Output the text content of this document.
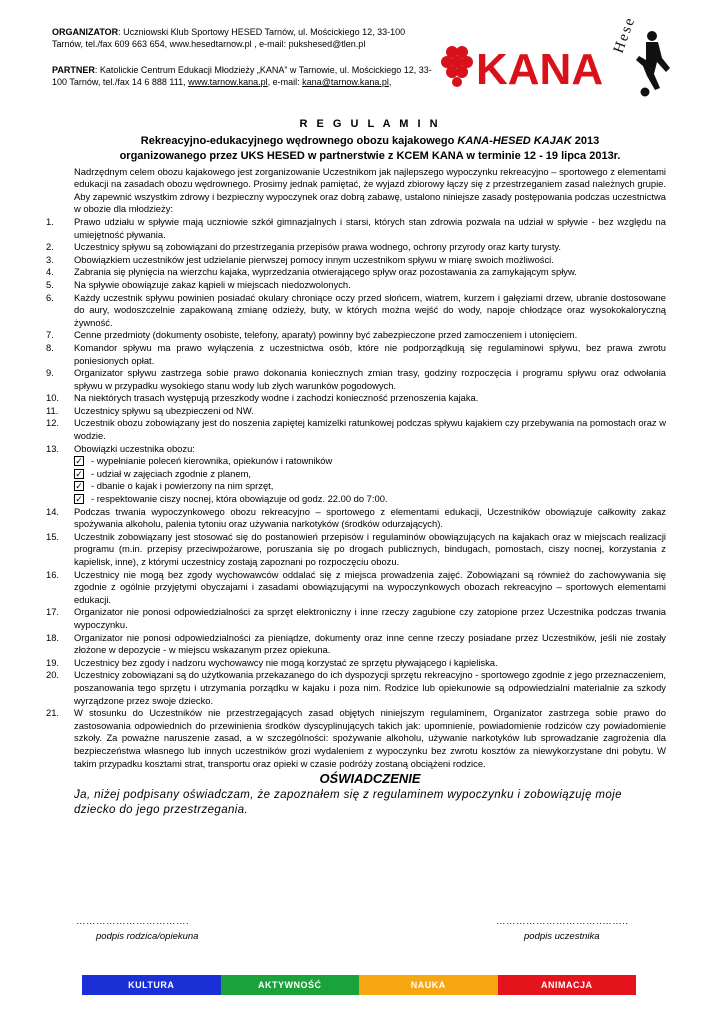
ORGANIZATOR: Uczniowski Klub Sportowy HESED Tarnów, ul. Mościckiego 12, 33-100 Tarnów, tel./fax 609 663 654, www.hesedtarnow.pl , e-mail: pukshesed@tlen.pl

PARTNER: Katolickie Centrum Edukacji Młodzieży „KANA” w Tarnowie, ul. Mościckiego 12, 33-100 Tarnów, tel./fax 14 6 888 111, www.tarnow.kana.pl, e-mail: kana@tarnow.kana.pl,	KANA
Hesed
R E G U L A M I N
Rekreacyjno-edukacyjnego wędrownego obozu kajakowego KANA-HESED KAJAK 2013
organizowanego przez UKS HESED w partnerstwie z KCEM KANA w terminie 12 - 19 lipca 2013r.

Nadrzędnym celem obozu kajakowego jest zorganizowanie Uczestnikom jak najlepszego wypoczynku rekreacyjno – sportowego z elementami edukacji na zasadach obozu wędrownego. Prosimy jednak pamiętać, że wyjazd zbiorowy łączy się z przestrzeganiem zasad należnych grupie. Aby zapewnić wszystkim zdrowy i bezpieczny wypoczynek oraz dobrą zabawę, ustalono niniejsze zasady postępowania podczas uczestnictwa w obozie dla młodzieży:

1.	Prawo udziału w spływie mają uczniowie szkół gimnazjalnych i starsi, których stan zdrowia pozwala na udział w spływie - bez względu na umiejętność pływania.
2.	Uczestnicy spływu są zobowiązani do przestrzegania przepisów prawa wodnego, ochrony przyrody oraz karty turysty.
3.	Obowiązkiem uczestników jest udzielanie pierwszej pomocy innym uczestnikom spływu w miarę swoich możliwości.
4.	Zabrania się płynięcia na wierzchu kajaka, wyprzedzania otwierającego spływ oraz pozostawania za zamykającym spływ.
5.	Na spływie obowiązuje zakaz kąpieli w miejscach niedozwolonych.
6.	Każdy uczestnik spływu powinien posiadać okulary chroniące oczy przed słońcem, wiatrem, kurzem i gałęziami drzew, ubranie dostosowane do aury, wodoszczelnie zapakowaną zmianę odzieży, buty, w których można wejść do wody, napoje chłodzące oraz wysokokaloryczną żywność.
7.	Cenne przedmioty (dokumenty osobiste, telefony, aparaty) powinny być zabezpieczone przed zamoczeniem i utonięciem.
8.	Komandor spływu ma prawo wyłączenia z uczestnictwa osób, które nie podporządkują się regulaminowi spływu, bez prawa zwrotu poniesionych opłat.
9.	Organizator spływu zastrzega sobie prawo dokonania koniecznych zmian trasy, godziny rozpoczęcia i programu spływu oraz odwołania spływu w przypadku wysokiego stanu wody lub złych warunków pogodowych.
10.	Na niektórych trasach występują przeszkody wodne i zachodzi konieczność przenoszenia kajaka.
11.	Uczestnicy spływu są ubezpieczeni od NW.
12.	Uczestnik obozu zobowiązany jest do noszenia zapiętej kamizelki ratunkowej podczas spływu kajakiem czy przebywania na pomostach oraz w wodzie.
13.	Obowiązki uczestnika obozu:
✓ - wypełnianie poleceń kierownika, opiekunów i ratowników
✓ - udział w zajęciach zgodnie z planem,
✓ - dbanie o kajak i powierzony na nim sprzęt,
✓ - respektowanie ciszy nocnej, która obowiązuje od godz. 22.00 do 7:00.
14.	Podczas trwania wypoczynkowego obozu rekreacyjno – sportowego z elementami edukacji, Uczestników obowiązuje całkowity zakaz spożywania alkoholu, palenia tytoniu oraz używania narkotyków (środków odurzających).
15.	Uczestnik zobowiązany jest stosować się do postanowień przepisów i regulaminów obowiązujących na kajakach oraz w miejscach realizacji programu (m.in. przepisy przeciwpożarowe, poruszania się po drogach publicznych, bindugach, pomostach, ciszy nocnej, korzystania z kapielisk, inne), z którymi uczestnicy zostają zapoznani po rozpoczęciu obozu.
16.	Uczestnicy nie mogą bez zgody wychowawców oddalać się z miejsca prowadzenia zajęć. Zobowiązani są również do zachowywania się zgodnie z ogólnie przyjętymi obyczajami i zasadami obowiązującymi na wypoczynkowych obozach rekreacyjno – sportowych elementami edukacji.
17.	Organizator nie ponosi odpowiedzialności za sprzęt elektroniczny i inne rzeczy zagubione czy zatopione przez Uczestnika podczas trwania wypoczynku.
18.	Organizator nie ponosi odpowiedzialności za pieniądze, dokumenty oraz inne cenne rzeczy posiadane przez Uczestników, jeśli nie zostały złożone w depozycie - w miejscu wskazanym przez opiekuna.
19.	Uczestnicy bez zgody i nadzoru wychowawcy nie mogą korzystać ze sprzętu pływającego i kąpieliska.
20.	Uczestnicy zobowiązani są do użytkowania przekazanego do ich dyspozycji sprzętu rekreacyjno - sportowego zgodnie z jego przeznaczeniem, poszanowania tego sprzętu i utrzymania porządku w kajaku i poza nim. Rodzice lub opiekunowie są odpowiedzialni materialnie za szkody wyrządzone przez swoje dziecko.
21.	W stosunku do Uczestników nie przestrzegających zasad objętych niniejszym regulaminem, Organizator zastrzega sobie prawo do zastosowania odpowiednich do przewinienia środków dyscyplinujących takich jak: upomnienie, powiadomienie rodziców czy powiadomienie szkoły. Za poważne naruszenie zasad, a w szczególności: spożywanie alkoholu, używanie narkotyków lub sprowadzanie zagrożenia dla bezpieczeństwa własnego lub innych uczestników grozi wydaleniem z wypoczynku bez zwrotu kosztów za niewykorzystane dni pobytu. W takim przypadku kosztami strat, transportu oraz opieki w czasie podróży zostaną obciążeni rodzice.
OŚWIADCZENIE

Ja, niżej podpisany oświadczam, że zapoznałem się z regulaminem wypoczynku i zobowiązuję moje dziecko do jego przestrzegania.

…………………………….
podpis rodzica/opiekuna
…………………………..……..
podpis uczestnika
KULTURA	AKTYWNOŚĆ	NAUKA	ANIMACJA
